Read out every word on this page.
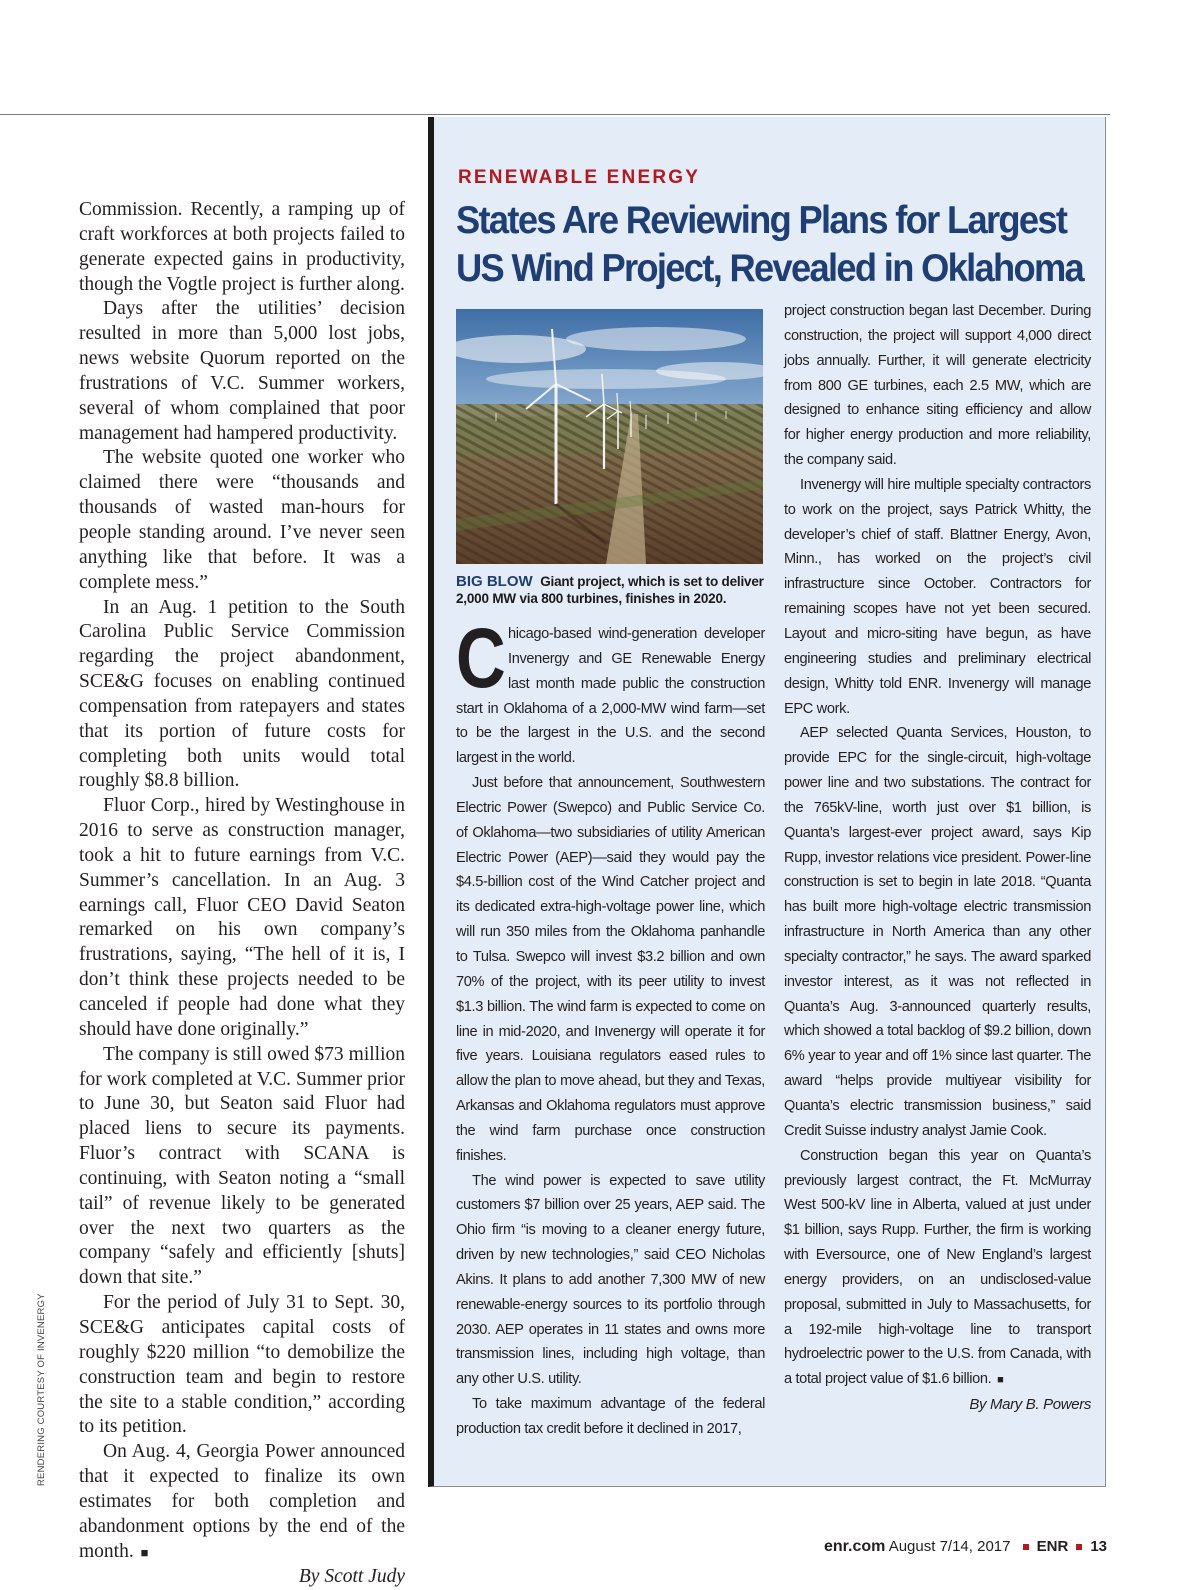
Commission. Recently, a ramping up of craft workforces at both projects failed to generate expected gains in productivity, though the Vogtle project is further along.

Days after the utilities’ decision resulted in more than 5,000 lost jobs, news website Quorum reported on the frustrations of V.C. Summer workers, several of whom complained that poor management had hampered productivity.

The website quoted one worker who claimed there were “thousands and thousands of wasted man-hours for people standing around. I’ve never seen anything like that before. It was a complete mess.”

In an Aug. 1 petition to the South Carolina Public Service Commission regarding the project abandonment, SCE&G focuses on enabling continued compensation from ratepayers and states that its portion of future costs for completing both units would total roughly $8.8 billion.

Fluor Corp., hired by Westinghouse in 2016 to serve as construction manager, took a hit to future earnings from V.C. Summer’s cancellation. In an Aug. 3 earnings call, Fluor CEO David Seaton remarked on his own company’s frustrations, saying, “The hell of it is, I don’t think these projects needed to be canceled if people had done what they should have done originally.”

The company is still owed $73 million for work completed at V.C. Summer prior to June 30, but Seaton said Fluor had placed liens to secure its payments. Fluor’s contract with SCANA is continuing, with Seaton noting a “small tail” of revenue likely to be generated over the next two quarters as the company “safely and efficiently [shuts] down that site.”

For the period of July 31 to Sept. 30, SCE&G anticipates capital costs of roughly $220 million “to demobilize the construction team and begin to restore the site to a stable condition,” according to its petition.

On Aug. 4, Georgia Power announced that it expected to finalize its own estimates for both completion and abandonment options by the end of the month. ■

By Scott Judy

RENDERING COURTESY OF INVENERGY
RENEWABLE ENERGY
States Are Reviewing Plans for Largest
US Wind Project, Revealed in Oklahoma
BIG BLOW Giant project, which is set to deliver 2,000 MW via 800 turbines, finishes in 2020.

Chicago-based wind-generation developer Invenergy and GE Renewable Energy last month made public the construction start in Oklahoma of a 2,000-MW wind farm—set to be the largest in the U.S. and the second largest in the world.

Just before that announcement, Southwestern Electric Power (Swepco) and Public Service Co. of Oklahoma—two subsidiaries of utility American Electric Power (AEP)—said they would pay the $4.5-billion cost of the Wind Catcher project and its dedicated extra-high-voltage power line, which will run 350 miles from the Oklahoma panhandle to Tulsa. Swepco will invest $3.2 billion and own 70% of the project, with its peer utility to invest $1.3 billion. The wind farm is expected to come on line in mid-2020, and Invenergy will operate it for five years. Louisiana regulators eased rules to allow the plan to move ahead, but they and Texas, Arkansas and Oklahoma regulators must approve the wind farm purchase once construction finishes.

The wind power is expected to save utility customers $7 billion over 25 years, AEP said. The Ohio firm “is moving to a cleaner energy future, driven by new technologies,” said CEO Nicholas Akins. It plans to add another 7,300 MW of new renewable-energy sources to its portfolio through 2030. AEP operates in 11 states and owns more transmission lines, including high voltage, than any other U.S. utility.

To take maximum advantage of the federal production tax credit before it declined in 2017,

project construction began last December. During construction, the project will support 4,000 direct jobs annually. Further, it will generate electricity from 800 GE turbines, each 2.5 MW, which are designed to enhance siting efficiency and allow for higher energy production and more reliability, the company said.

Invenergy will hire multiple specialty contractors to work on the project, says Patrick Whitty, the developer’s chief of staff. Blattner Energy, Avon, Minn., has worked on the project’s civil infrastructure since October. Contractors for remaining scopes have not yet been secured. Layout and micro-siting have begun, as have engineering studies and preliminary electrical design, Whitty told ENR. Invenergy will manage EPC work.

AEP selected Quanta Services, Houston, to provide EPC for the single-circuit, high-voltage power line and two substations. The contract for the 765kV-line, worth just over $1 billion, is Quanta’s largest-ever project award, says Kip Rupp, investor relations vice president. Power-line construction is set to begin in late 2018. “Quanta has built more high-voltage electric transmission infrastructure in North America than any other specialty contractor,” he says. The award sparked investor interest, as it was not reflected in Quanta’s Aug. 3-announced quarterly results, which showed a total backlog of $9.2 billion, down 6% year to year and off 1% since last quarter. The award “helps provide multiyear visibility for Quanta’s electric transmission business,” said Credit Suisse industry analyst Jamie Cook.

Construction began this year on Quanta’s previously largest contract, the Ft. McMurray West 500-kV line in Alberta, valued at just under $1 billion, says Rupp. Further, the firm is working with Eversource, one of New England’s largest energy providers, on an undisclosed-value proposal, submitted in July to Massachusetts, for a 192-mile high-voltage line to transport hydroelectric power to the U.S. from Canada, with a total project value of $1.6 billion. ■

By Mary B. Powers

enr.com August 7/14, 2017 ENR 13
